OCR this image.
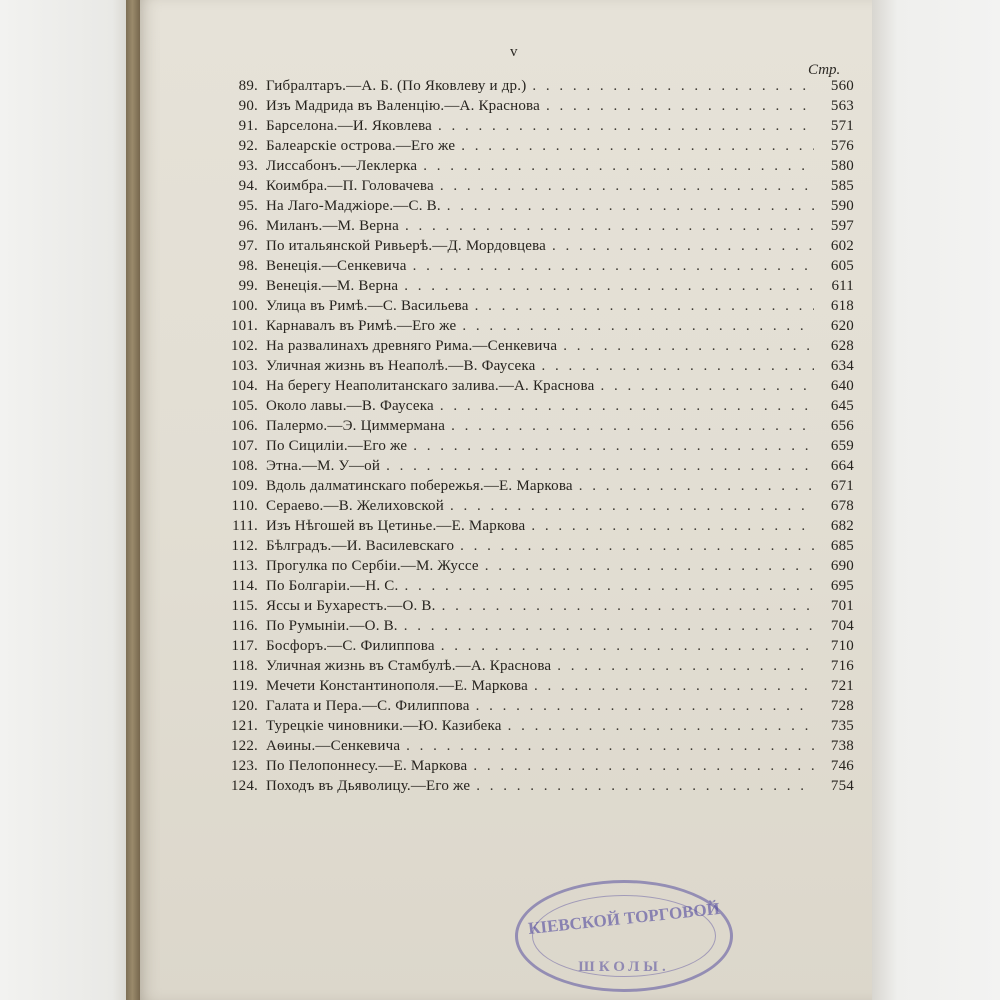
v
Стр.
89. Гибралтаръ.—А. Б. (По Яковлеву и др.) . . .	560
90. Изъ Мадрида въ Валенцію.—А. Краснова . . .	563
91. Барселона.—И. Яковлева . . .	571
92. Балеарскіе острова.—Его же . . .	576
93. Лиссабонъ.—Леклерка . . .	580
94. Коимбра.—П. Головачева . . .	585
95. На Лаго-Маджіоре.—С. В. . . .	590
96. Миланъ.—М. Верна . . .	597
97. По итальянской Ривьерѣ.—Д. Мордовцева . . .	602
98. Венеція.—Сенкевича . . .	605
99. Венеція.—М. Верна . . .	611
100. Улица въ Римѣ.—С. Васильева . . .	618
101. Карнавалъ въ Римѣ.—Его же . . .	620
102. На развалинахъ древняго Рима.—Сенкевича . . .	628
103. Уличная жизнь въ Неаполѣ.—В. Фаусека . . .	634
104. На берегу Неаполитанскаго залива.—А. Краснова . . .	640
105. Около лавы.—В. Фаусека . . .	645
106. Палермо.—Э. Циммермана . . .	656
107. По Сициліи.—Его же . . .	659
108. Этна.—М. У—ой . . .	664
109. Вдоль далматинскаго побережья.—Е. Маркова . . .	671
110. Сераево.—В. Желиховской . . .	678
111. Изъ Нѣгошей въ Цетинье.—Е. Маркова . . .	682
112. Бѣлградъ.—И. Василевскаго . . .	685
113. Прогулка по Сербіи.—М. Жуссе . . .	690
114. По Болгаріи.—Н. С. . . .	695
115. Яссы и Бухарестъ.—О. В. . . .	701
116. По Румыніи.—О. В. . . .	704
117. Босфоръ.—С. Филиппова . . .	710
118. Уличная жизнь въ Стамбулѣ.—А. Краснова . . .	716
119. Мечети Константинополя.—Е. Маркова . . .	721
120. Галата и Пера.—С. Филиппова . . .	728
121. Турецкіе чиновники.—Ю. Казибека . . .	735
122. Аѳины.—Сенкевича . . .	738
123. По Пелопоннесу.—Е. Маркова . . .	746
124. Походъ въ Дьяволицу.—Его же . . .	754
КІЕВСКОЙ ТОРГОВОЙ
ШКОЛЫ.
